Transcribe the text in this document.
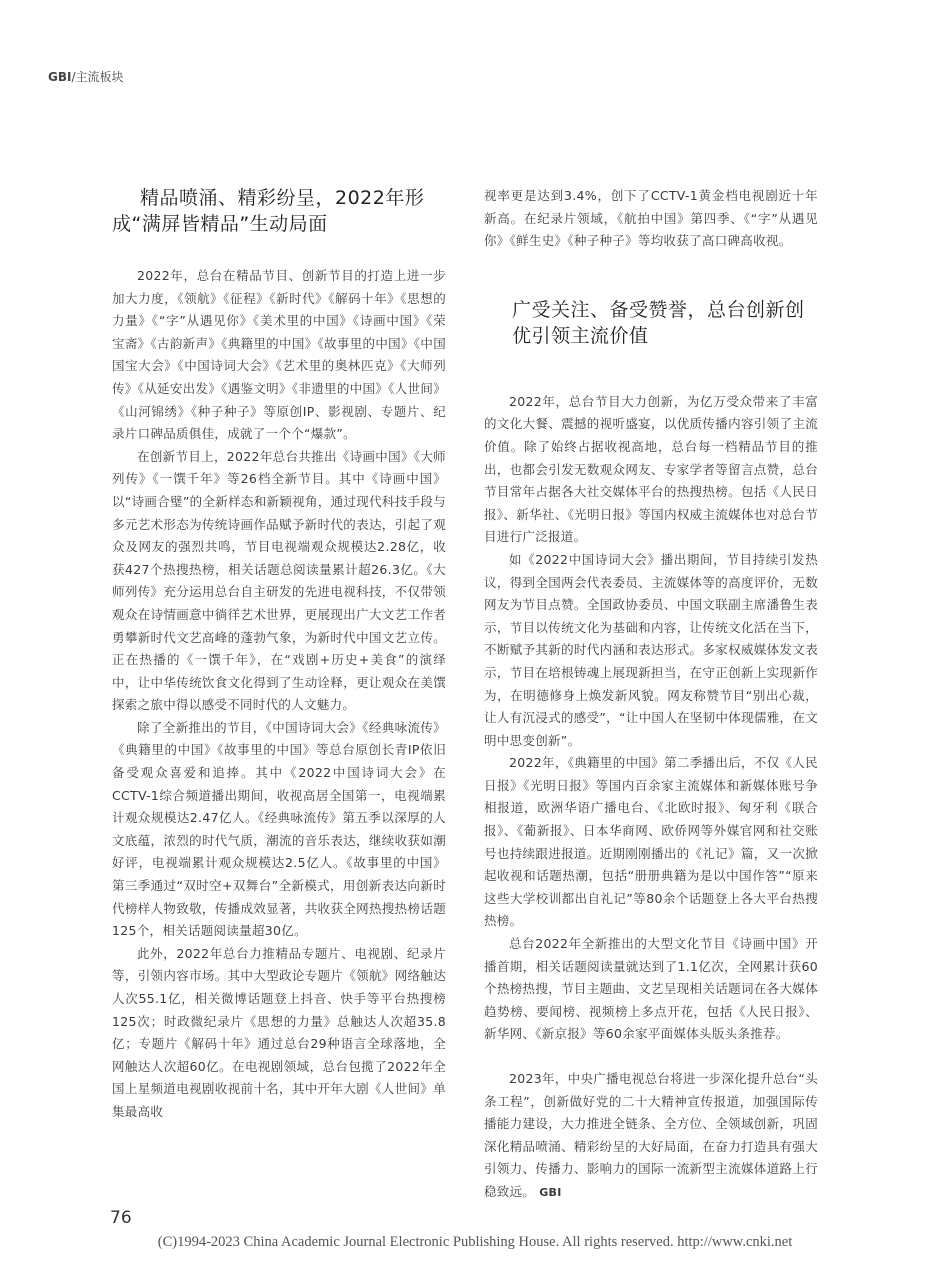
GBI/主流板块
精品喷涌、精彩纷呈，2022年形成“满屏皆精品”生动局面

2022年，总台在精品节目、创新节目的打造上进一步加大力度，《领航》《征程》《新时代》《解码十年》《思想的力量》《“字”从遇见你》《美术里的中国》《诗画中国》《荣宝斋》《古韵新声》《典籍里的中国》《故事里的中国》《中国国宝大会》《中国诗词大会》《艺术里的奥林匹克》《大师列传》《从延安出发》《遇鉴文明》《非遗里的中国》《人世间》《山河锦绣》《种子种子》等原创IP、影视剧、专题片、纪录片口碑品质俱佳，成就了一个个“爆款”。

在创新节目上，2022年总台共推出《诗画中国》《大师列传》《一馔千年》等26档全新节目。其中《诗画中国》以“诗画合璧”的全新样态和新颖视角，通过现代科技手段与多元艺术形态为传统诗画作品赋予新时代的表达，引起了观众及网友的强烈共鸣，节目电视端观众规模达2.28亿，收获427个热搜热榜，相关话题总阅读量累计超26.3亿。《大师列传》充分运用总台自主研发的先进电视科技，不仅带领观众在诗情画意中徜徉艺术世界，更展现出广大文艺工作者勇攀新时代文艺高峰的蓬勃气象，为新时代中国文艺立传。正在热播的《一馔千年》，在“戏剧+历史+美食”的演绎中，让中华传统饮食文化得到了生动诠释，更让观众在美馔探索之旅中得以感受不同时代的人文魅力。

除了全新推出的节目，《中国诗词大会》《经典咏流传》《典籍里的中国》《故事里的中国》等总台原创长青IP依旧备受观众喜爱和追捧。其中《2022中国诗词大会》在CCTV-1综合频道播出期间，收视高居全国第一，电视端累计观众规模达2.47亿人。《经典咏流传》第五季以深厚的人文底蕴，浓烈的时代气质，潮流的音乐表达，继续收获如潮好评，电视端累计观众规模达2.5亿人。《故事里的中国》第三季通过“双时空+双舞台”全新模式，用创新表达向新时代榜样人物致敬，传播成效显著，共收获全网热搜热榜话题125个，相关话题阅读量超30亿。

此外，2022年总台力推精品专题片、电视剧、纪录片等，引领内容市场。其中大型政论专题片《领航》网络触达人次55.1亿，相关微博话题登上抖音、快手等平台热搜榜125次；时政微纪录片《思想的力量》总触达人次超35.8亿；专题片《解码十年》通过总台29种语言全球落地，全网触达人次超60亿。在电视剧领域，总台包揽了2022年全国上星频道电视剧收视前十名，其中开年大剧《人世间》单集最高收

视率更是达到3.4%，创下了CCTV-1黄金档电视剧近十年新高。在纪录片领域，《航拍中国》第四季、《“字”从遇见你》《鲜生史》《种子种子》等均收获了高口碑高收视。

广受关注、备受赞誉，总台创新创优引领主流价值

2022年，总台节目大力创新，为亿万受众带来了丰富的文化大餐、震撼的视听盛宴，以优质传播内容引领了主流价值。除了始终占据收视高地，总台每一档精品节目的推出，也都会引发无数观众网友、专家学者等留言点赞，总台节目常年占据各大社交媒体平台的热搜热榜。包括《人民日报》、新华社、《光明日报》等国内权威主流媒体也对总台节目进行广泛报道。

如《2022中国诗词大会》播出期间，节目持续引发热议，得到全国两会代表委员、主流媒体等的高度评价，无数网友为节目点赞。全国政协委员、中国文联副主席潘鲁生表示，节目以传统文化为基础和内容，让传统文化活在当下，不断赋予其新的时代内涵和表达形式。多家权威媒体发文表示，节目在培根铸魂上展现新担当，在守正创新上实现新作为，在明德修身上焕发新风貌。网友称赞节目“别出心裁，让人有沉浸式的感受”，“让中国人在坚韧中体现儒雅，在文明中思变创新”。

2022年，《典籍里的中国》第二季播出后，不仅《人民日报》《光明日报》等国内百余家主流媒体和新媒体账号争相报道，欧洲华语广播电台、《北欧时报》、匈牙利《联合报》、《葡新报》、日本华商网、欧侨网等外媒官网和社交账号也持续跟进报道。近期刚刚播出的《礼记》篇，又一次掀起收视和话题热潮，包括“册册典籍为是以中国作答”“原来这些大学校训都出自礼记”等80余个话题登上各大平台热搜热榜。

总台2022年全新推出的大型文化节目《诗画中国》开播首期，相关话题阅读量就达到了1.1亿次，全网累计获60个热榜热搜，节目主题曲、文艺呈现相关话题词在各大媒体趋势榜、要闻榜、视频榜上多点开花，包括《人民日报》、新华网、《新京报》等60余家平面媒体头版头条推荐。

2023年，中央广播电视总台将进一步深化提升总台“头条工程”，创新做好党的二十大精神宣传报道，加强国际传播能力建设，大力推进全链条、全方位、全领域创新，巩固深化精品喷涌、精彩纷呈的大好局面，在奋力打造具有强大引领力、传播力、影响力的国际一流新型主流媒体道路上行稳致远。 GBI

76
(C)1994-2023 China Academic Journal Electronic Publishing House. All rights reserved. http://www.cnki.net
